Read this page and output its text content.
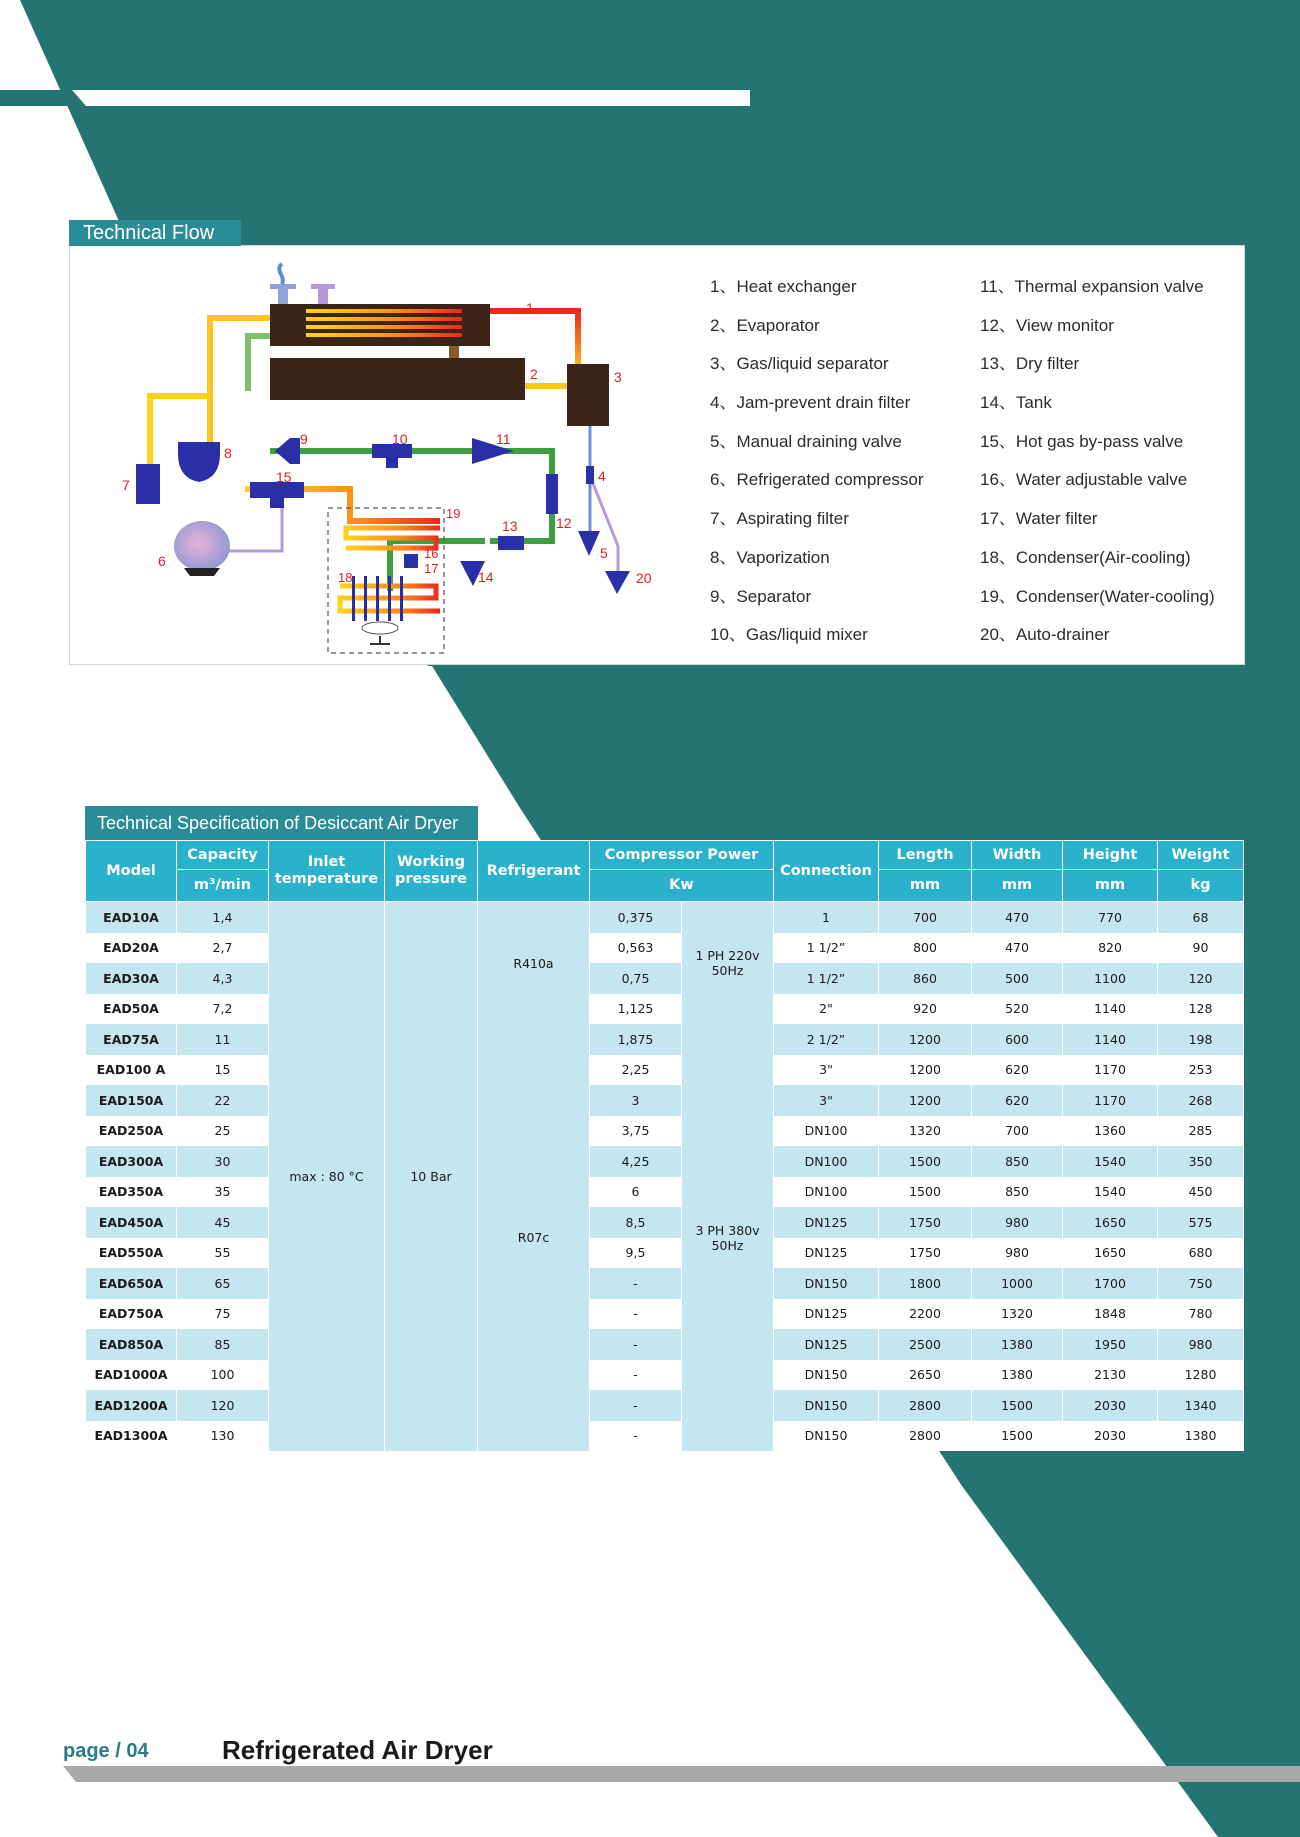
Technical Flow
1
2	3
4
5
6
7
8
9	10	11
12
13
14
15
16
17
18
19
20
1、Heat exchanger
2、Evaporator
3、Gas/liquid separator
4、Jam-prevent drain filter
5、Manual draining valve
6、Refrigerated compressor
7、Aspirating filter
8、Vaporization
9、Separator
10、Gas/liquid mixer
11、Thermal expansion valve
12、View monitor
13、Dry filter
14、Tank
15、Hot gas by-pass valve
16、Water adjustable valve
17、Water filter
18、Condenser(Air-cooling)
19、Condenser(Water-cooling)
20、Auto-drainer
Technical Specification of Desiccant Air Dryer
Model	Capacity	Inlet temperature	Working pressure	Refrigerant	Compressor Power		Connection	Length	Width	Height	Weight
	m³/min				Kw			mm	mm	mm	kg
EAD10A	1,4	max : 80 °C	10 Bar	R410a	0,375	1 PH 220v 50Hz	1	700	470	770	68
EAD20A	2,7				0,563		1 1/2”	800	470	820	90
EAD30A	4,3				0,75		1 1/2”	860	500	1100	120
EAD50A	7,2				1,125		2"	920	520	1140	128
EAD75A	11			R07c	1,875	3 PH 380v 50Hz	2 1/2”	1200	600	1140	198
EAD100 A	15				2,25		3"	1200	620	1170	253
EAD150A	22				3		3"	1200	620	1170	268
EAD250A	25				3,75		DN100	1320	700	1360	285
EAD300A	30				4,25		DN100	1500	850	1540	350
EAD350A	35				6		DN100	1500	850	1540	450
EAD450A	45				8,5		DN125	1750	980	1650	575
EAD550A	55				9,5		DN125	1750	980	1650	680
EAD650A	65				-		DN150	1800	1000	1700	750
EAD750A	75				-		DN125	2200	1320	1848	780
EAD850A	85				-		DN125	2500	1380	1950	980
EAD1000A	100				-		DN150	2650	1380	2130	1280
EAD1200A	120				-		DN150	2800	1500	2030	1340
EAD1300A	130				-		DN150	2800	1500	2030	1380
page / 04	Refrigerated Air Dryer
